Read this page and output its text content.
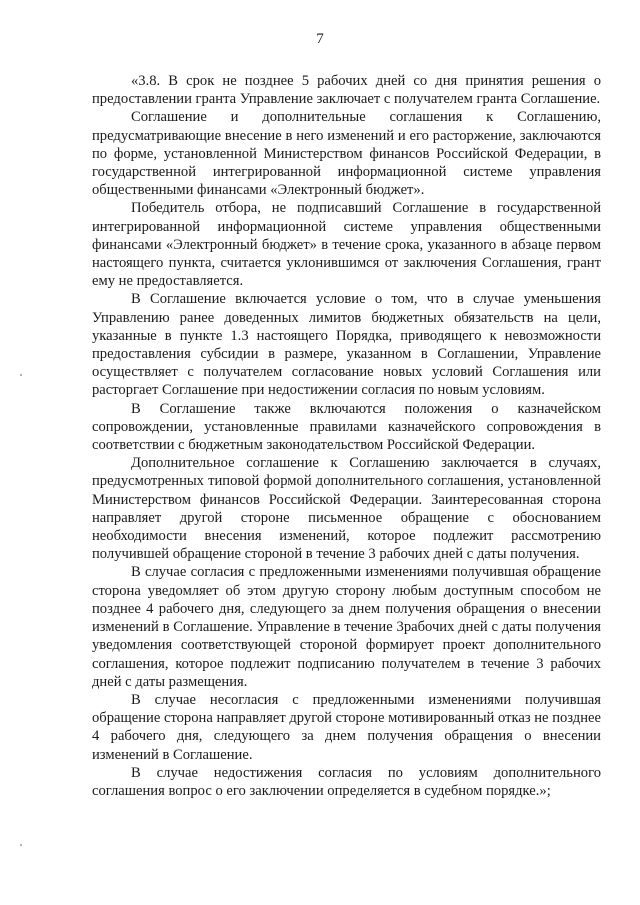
7

«3.8. В срок не позднее 5 рабочих дней со дня принятия решения о предоставлении гранта Управление заключает с получателем гранта Соглашение.

Соглашение и дополнительные соглашения к Соглашению, предусматривающие внесение в него изменений и его расторжение, заключаются по форме, установленной Министерством финансов Российской Федерации, в государственной интегрированной информационной системе управления общественными финансами «Электронный бюджет».

Победитель отбора, не подписавший Соглашение в государственной интегрированной информационной системе управления общественными финансами «Электронный бюджет» в течение срока, указанного в абзаце первом настоящего пункта, считается уклонившимся от заключения Соглашения, грант ему не предоставляется.

В Соглашение включается условие о том, что в случае уменьшения Управлению ранее доведенных лимитов бюджетных обязательств на цели, указанные в пункте 1.3 настоящего Порядка, приводящего к невозможности предоставления субсидии в размере, указанном в Соглашении, Управление осуществляет с получателем согласование новых условий Соглашения или расторгает Соглашение при недостижении согласия по новым условиям.

В Соглашение также включаются положения о казначейском сопровождении, установленные правилами казначейского сопровождения в соответствии с бюджетным законодательством Российской Федерации.

Дополнительное соглашение к Соглашению заключается в случаях, предусмотренных типовой формой дополнительного соглашения, установленной Министерством финансов Российской Федерации. Заинтересованная сторона направляет другой стороне письменное обращение с обоснованием необходимости внесения изменений, которое подлежит рассмотрению получившей обращение стороной в течение 3 рабочих дней с даты получения.

В случае согласия с предложенными изменениями получившая обращение сторона уведомляет об этом другую сторону любым доступным способом не позднее 4 рабочего дня, следующего за днем получения обращения о внесении изменений в Соглашение. Управление в течение 3рабочих дней с даты получения уведомления соответствующей стороной формирует проект дополнительного соглашения, которое подлежит подписанию получателем в течение 3 рабочих дней с даты размещения.

В случае несогласия с предложенными изменениями получившая обращение сторона направляет другой стороне мотивированный отказ не позднее 4 рабочего дня, следующего за днем получения обращения о внесении изменений в Соглашение.

В случае недостижения согласия по условиям дополнительного соглашения вопрос о его заключении определяется в судебном порядке.»;
